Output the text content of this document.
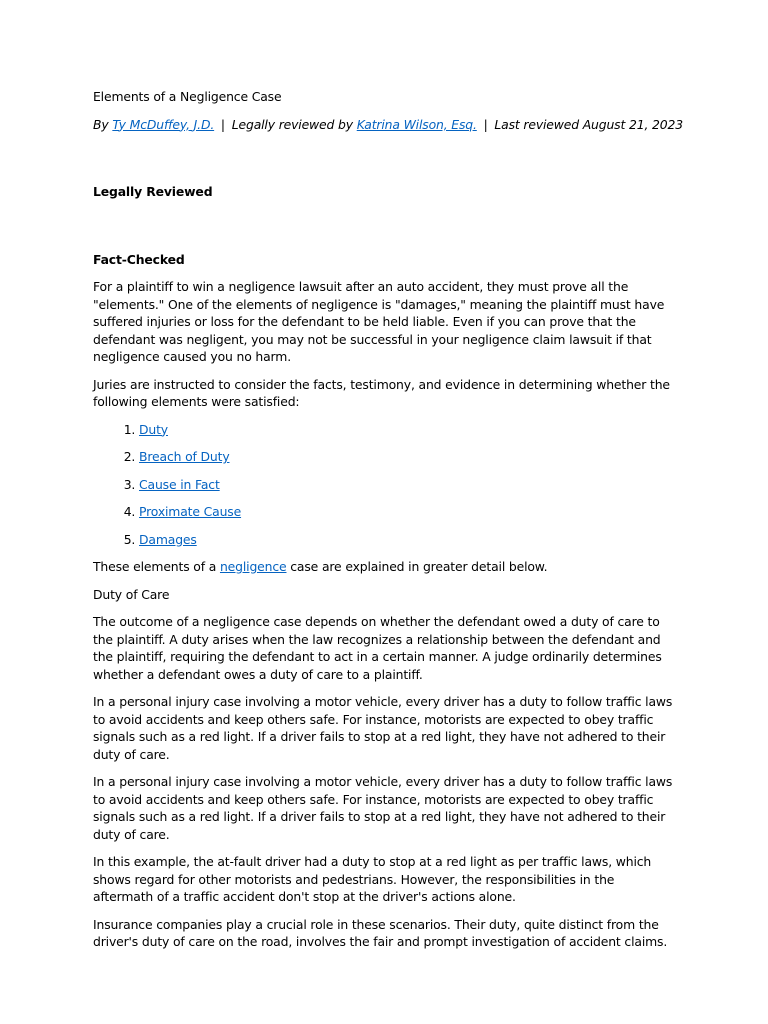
Elements of a Negligence Case

By Ty McDuffey, J.D. | Legally reviewed by Katrina Wilson, Esq. | Last reviewed August 21, 2023

Legally Reviewed

Fact-Checked

For a plaintiff to win a negligence lawsuit after an auto accident, they must prove all the "elements." One of the elements of negligence is "damages," meaning the plaintiff must have suffered injuries or loss for the defendant to be held liable. Even if you can prove that the defendant was negligent, you may not be successful in your negligence claim lawsuit if that negligence caused you no harm.

Juries are instructed to consider the facts, testimony, and evidence in determining whether the following elements were satisfied:

1. Duty
2. Breach of Duty
3. Cause in Fact
4. Proximate Cause
5. Damages

These elements of a negligence case are explained in greater detail below.

Duty of Care

The outcome of a negligence case depends on whether the defendant owed a duty of care to the plaintiff. A duty arises when the law recognizes a relationship between the defendant and the plaintiff, requiring the defendant to act in a certain manner. A judge ordinarily determines whether a defendant owes a duty of care to a plaintiff.

In a personal injury case involving a motor vehicle, every driver has a duty to follow traffic laws to avoid accidents and keep others safe. For instance, motorists are expected to obey traffic signals such as a red light. If a driver fails to stop at a red light, they have not adhered to their duty of care.

In a personal injury case involving a motor vehicle, every driver has a duty to follow traffic laws to avoid accidents and keep others safe. For instance, motorists are expected to obey traffic signals such as a red light. If a driver fails to stop at a red light, they have not adhered to their duty of care.

In this example, the at-fault driver had a duty to stop at a red light as per traffic laws, which shows regard for other motorists and pedestrians. However, the responsibilities in the aftermath of a traffic accident don't stop at the driver's actions alone.

Insurance companies play a crucial role in these scenarios. Their duty, quite distinct from the driver's duty of care on the road, involves the fair and prompt investigation of accident claims.
